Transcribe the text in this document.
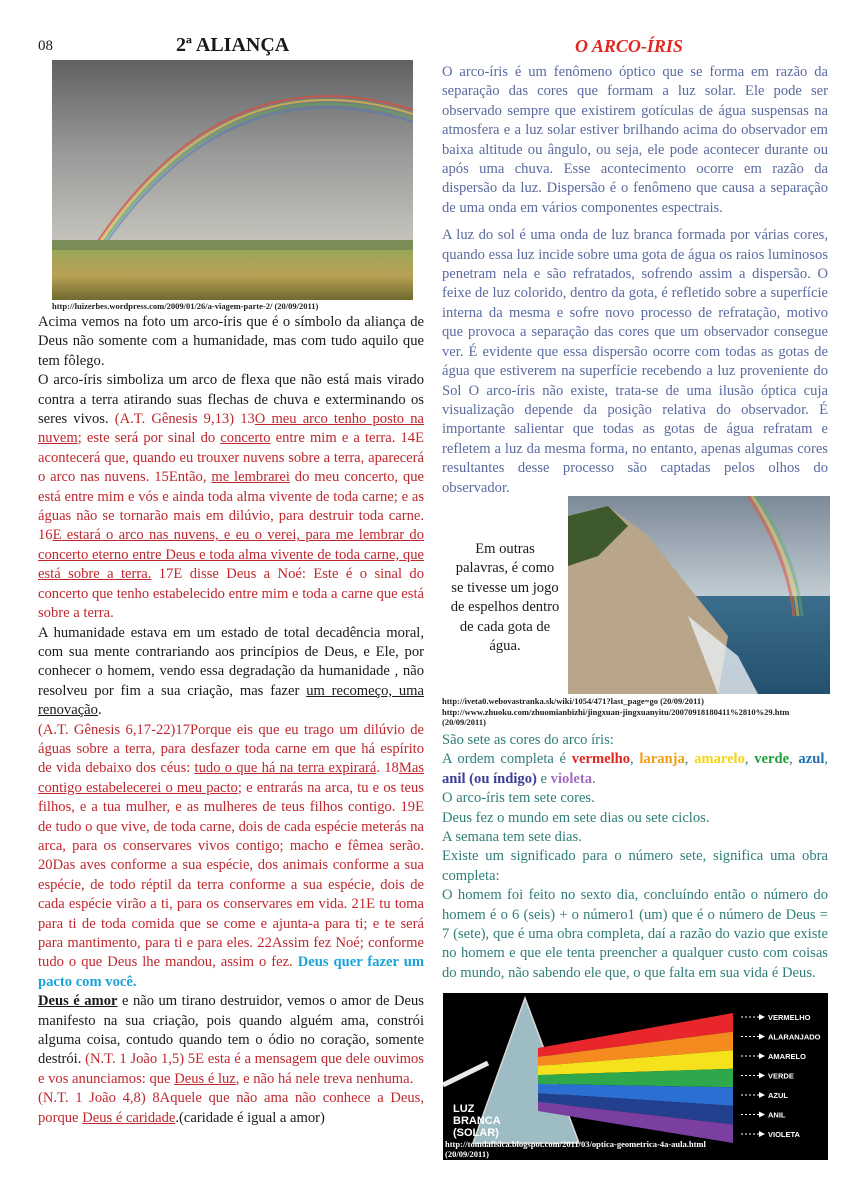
08	2ª ALIANÇA	O ARCO-ÍRIS
http://luizerbes.wordpress.com/2009/01/26/a-viagem-parte-2/ (20/09/2011)

Acima vemos na foto um arco-íris que é o símbolo da aliança de Deus não somente com a humanidade, mas com tudo aquilo que tem fôlego.

O arco-íris simboliza um arco de flexa que não está mais virado contra a terra atirando suas flechas de chuva e exterminando os seres vivos. (A.T. Gênesis 9,13) 13O meu arco tenho posto na nuvem; este será por sinal do concerto entre mim e a terra. 14E acontecerá que, quando eu trouxer nuvens sobre a terra, aparecerá o arco nas nuvens. 15Então, me lembrarei do meu concerto, que está entre mim e vós e ainda toda alma vivente de toda carne; e as águas não se tornarão mais em dilúvio, para destruir toda carne. 16E estará o arco nas nuvens, e eu o verei, para me lembrar do concerto eterno entre Deus e toda alma vivente de toda carne, que está sobre a terra. 17E disse Deus a Noé: Este é o sinal do concerto que tenho estabelecido entre mim e toda a carne que está sobre a terra.

A humanidade estava em um estado de total decadência moral, com sua mente contrariando aos princípios de Deus, e Ele, por conhecer o homem, vendo essa degradação da humanidade , não resolveu por fim a sua criação, mas fazer um recomeço, uma renovação.

(A.T. Gênesis 6,17-22)17Porque eis que eu trago um dilúvio de águas sobre a terra, para desfazer toda carne em que há espírito de vida debaixo dos céus: tudo o que há na terra expirará. 18Mas contigo estabelecerei o meu pacto; e entrarás na arca, tu e os teus filhos, e a tua mulher, e as mulheres de teus filhos contigo. 19E de tudo o que vive, de toda carne, dois de cada espécie meterás na arca, para os conservares vivos contigo; macho e fêmea serão. 20Das aves conforme a sua espécie, dos animais conforme a sua espécie, de todo réptil da terra conforme a sua espécie, dois de cada espécie virão a ti, para os conservares em vida. 21E tu toma para ti de toda comida que se come e ajunta-a para ti; e te será para mantimento, para ti e para eles. 22Assim fez Noé; conforme tudo o que Deus lhe mandou, assim o fez. Deus quer fazer um pacto com você.

Deus é amor e não um tirano destruidor, vemos o amor de Deus manifesto na sua criação, pois quando alguém ama, constrói alguma coisa, contudo quando tem o ódio no coração, somente destrói. (N.T. 1 João 1,5) 5E esta é a mensagem que dele ouvimos e vos anunciamos: que Deus é luz, e não há nele treva nenhuma.

(N.T. 1 João 4,8) 8Aquele que não ama não conhece a Deus, porque Deus é caridade.(caridade é igual a amor)

O arco-íris é um fenômeno óptico que se forma em razão da separação das cores que formam a luz solar. Ele pode ser observado sempre que existirem gotículas de água suspensas na atmosfera e a luz solar estiver brilhando acima do observador em baixa altitude ou ângulo, ou seja, ele pode acontecer durante ou após uma chuva. Esse acontecimento ocorre em razão da dispersão da luz. Dispersão é o fenômeno que causa a separação de uma onda em vários componentes espectrais.

A luz do sol é uma onda de luz branca formada por várias cores, quando essa luz incide sobre uma gota de água os raios luminosos penetram nela e são refratados, sofrendo assim a dispersão. O feixe de luz colorido, dentro da gota, é refletido sobre a superfície interna da mesma e sofre novo processo de refratação, motivo que provoca a separação das cores que um observador consegue ver. É evidente que essa dispersão ocorre com todas as gotas de água que estiverem na superfície recebendo a luz proveniente do Sol O arco-íris não existe, trata-se de uma ilusão óptica cuja visualização depende da posição relativa do observador. É importante salientar que todas as gotas de água refratam e refletem a luz da mesma forma, no entanto, apenas algumas cores resultantes desse processo são captadas pelos olhos do observador.

Em outras palavras, é como se tivesse um jogo de espelhos dentro de cada gota de água.
http://iveta0.webovastranka.sk/wiki/1054/471?last_page=go (20/09/2011)
http://www.zhuoku.com/zhuomianbizhi/jingxuan-jingxuanyitu/20070918180411%2810%29.htm (20/09/2011)

São sete as cores do arco íris:

A ordem completa é vermelho, laranja, amarelo, verde, azul, anil (ou índigo) e violeta.

O arco-íris tem sete cores.

Deus fez o mundo em sete dias ou sete ciclos.

A semana tem sete dias.

Existe um significado para o número sete, significa uma obra completa:

O homem foi feito no sexto dia, concluíndo então o número do homem é o 6 (seis) + o número1 (um) que é o número de Deus = 7 (sete), que é uma obra completa, daí a razão do vazio que existe no homem e que ele tenta preencher a qualquer custo com coisas do mundo, não sabendo ele que, o que falta em sua vida é Deus.

VERMELHO
ALARANJADO
AMARELO
VERDE
AZUL
ANIL
VIOLETA
LUZ
BRANCA
(SOLAR)
http://tomdafisica.blogspot.com/2011/03/optica-geometrica-4a-aula.html (20/09/2011)
